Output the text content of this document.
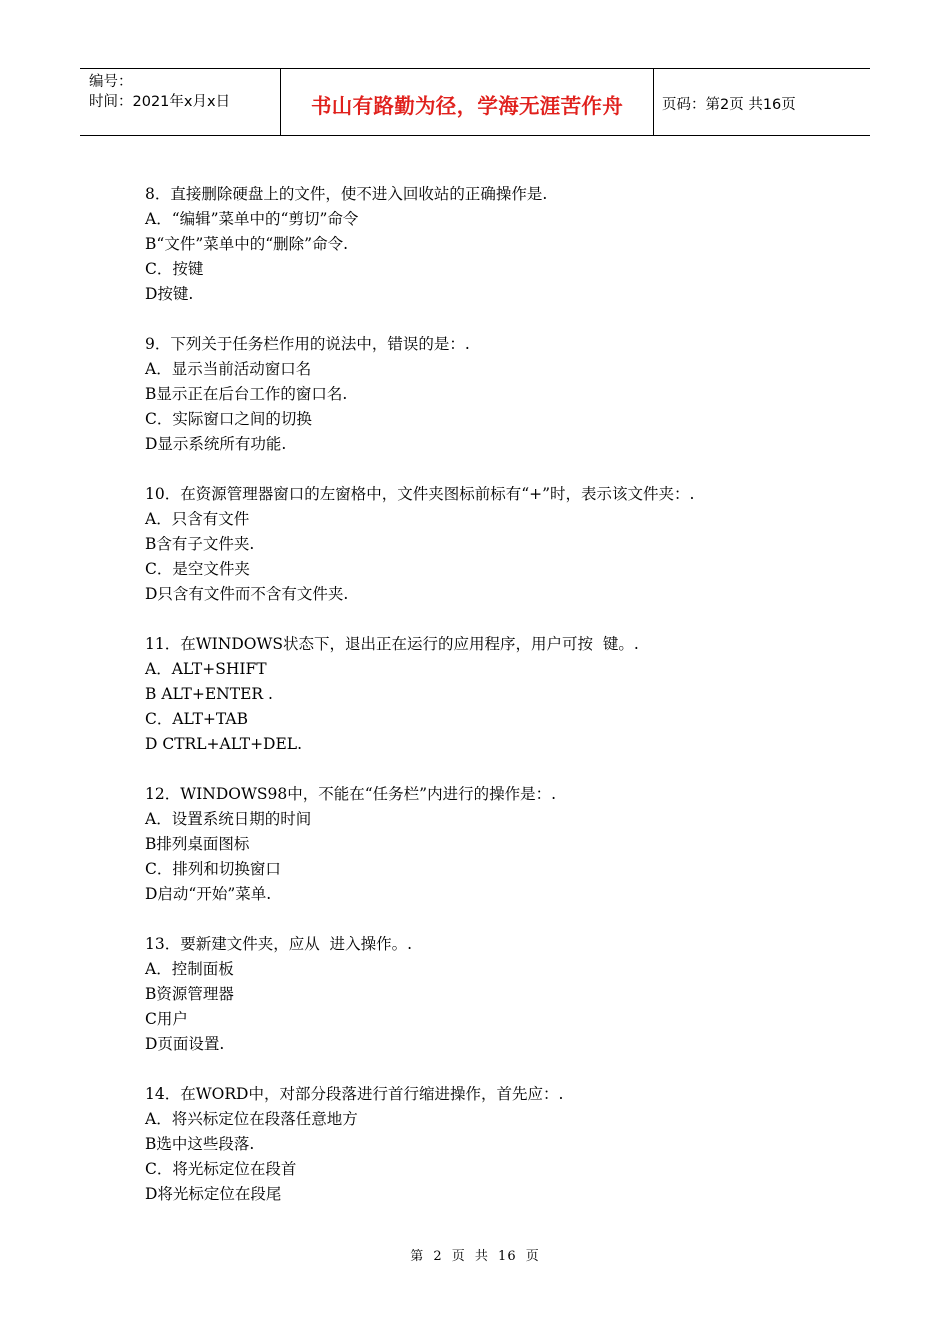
编号：
时间：2021年x月x日	书山有路勤为径，学海无涯苦作舟	页码：第2页 共16页
8．直接删除硬盘上的文件，使不进入回收站的正确操作是.
A．“编辑”菜单中的“剪切”命令
B“文件”菜单中的“删除”命令.
C．按键
D按键.
9．下列关于任务栏作用的说法中，错误的是：.
A．显示当前活动窗口名
B显示正在后台工作的窗口名.
C．实际窗口之间的切换
D显示系统所有功能.
10．在资源管理器窗口的左窗格中，文件夹图标前标有“+”时，表示该文件夹：.
A．只含有文件
B含有子文件夹.
C．是空文件夹
D只含有文件而不含有文件夹.
11．在WINDOWS状态下，退出正在运行的应用程序，用户可按  键。.
A．ALT+SHIFT
B ALT+ENTER .
C．ALT+TAB
D CTRL+ALT+DEL.
12．WINDOWS98中，不能在“任务栏”内进行的操作是：.
A．设置系统日期的时间
B排列桌面图标
C．排列和切换窗口
D启动“开始”菜单.
13．要新建文件夹，应从  进入操作。.
A．控制面板
B资源管理器
C用户
D页面设置.
14．在WORD中，对部分段落进行首行缩进操作，首先应：.
A．将兴标定位在段落任意地方
B选中这些段落.
C．将光标定位在段首
D将光标定位在段尾
第 2 页 共 16 页
